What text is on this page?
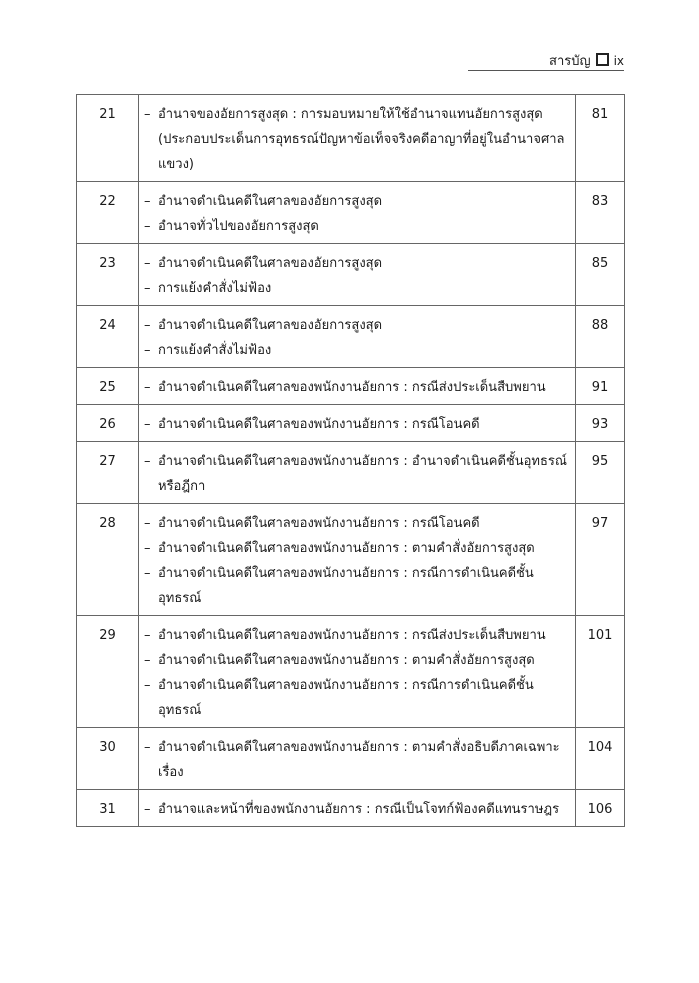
สารบัญ ix
21	– อำนาจของอัยการสูงสุด : การมอบหมายให้ใช้อำนาจแทนอัยการสูงสุด (ประกอบประเด็นการอุทธรณ์ปัญหาข้อเท็จจริงคดีอาญาที่อยู่ในอำนาจศาลแขวง)	81
22	– อำนาจดำเนินคดีในศาลของอัยการสูงสุด
– อำนาจทั่วไปของอัยการสูงสุด	83
23	– อำนาจดำเนินคดีในศาลของอัยการสูงสุด
– การแย้งคำสั่งไม่ฟ้อง	85
24	– อำนาจดำเนินคดีในศาลของอัยการสูงสุด
– การแย้งคำสั่งไม่ฟ้อง	88
25	– อำนาจดำเนินคดีในศาลของพนักงานอัยการ : กรณีส่งประเด็นสืบพยาน	91
26	– อำนาจดำเนินคดีในศาลของพนักงานอัยการ : กรณีโอนคดี	93
27	– อำนาจดำเนินคดีในศาลของพนักงานอัยการ : อำนาจดำเนินคดีชั้นอุทธรณ์หรือฎีกา	95
28	– อำนาจดำเนินคดีในศาลของพนักงานอัยการ : กรณีโอนคดี
– อำนาจดำเนินคดีในศาลของพนักงานอัยการ : ตามคำสั่งอัยการสูงสุด
– อำนาจดำเนินคดีในศาลของพนักงานอัยการ : กรณีการดำเนินคดีชั้นอุทธรณ์	97
29	– อำนาจดำเนินคดีในศาลของพนักงานอัยการ : กรณีส่งประเด็นสืบพยาน
– อำนาจดำเนินคดีในศาลของพนักงานอัยการ : ตามคำสั่งอัยการสูงสุด
– อำนาจดำเนินคดีในศาลของพนักงานอัยการ : กรณีการดำเนินคดีชั้นอุทธรณ์	101
30	– อำนาจดำเนินคดีในศาลของพนักงานอัยการ : ตามคำสั่งอธิบดีภาคเฉพาะเรื่อง	104
31	– อำนาจและหน้าที่ของพนักงานอัยการ : กรณีเป็นโจทก์ฟ้องคดีแทนราษฎร	106
